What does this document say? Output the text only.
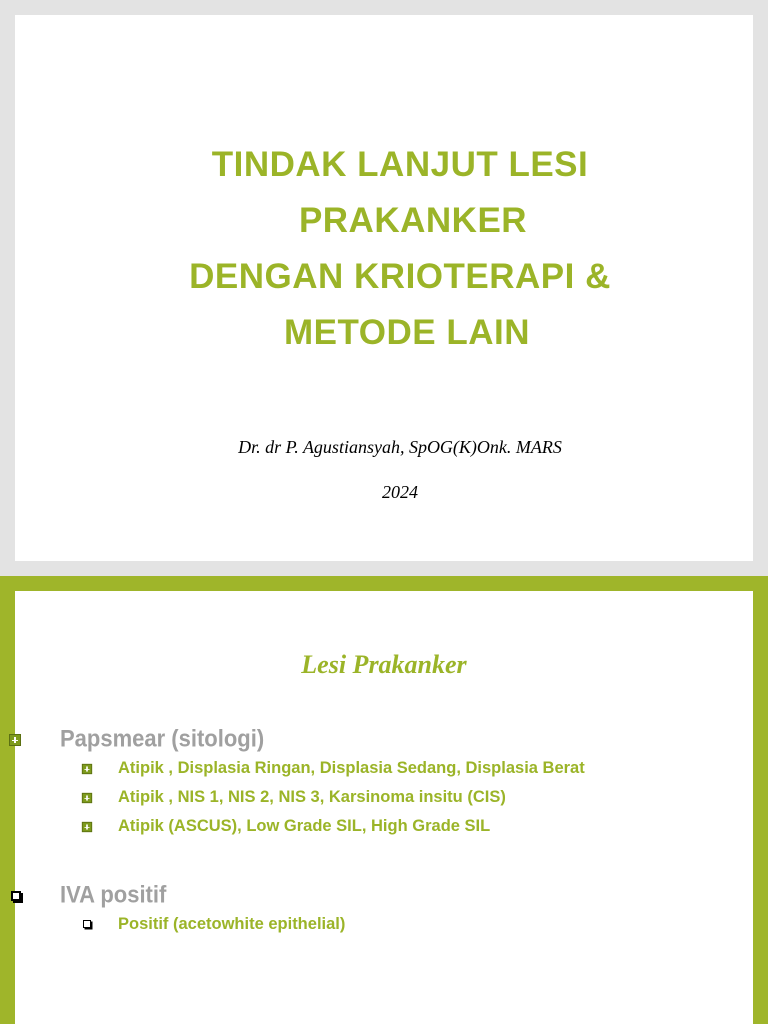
TINDAK LANJUT LESI
PRAKANKER
DENGAN KRIOTERAPI &
METODE LAIN
Dr. dr P. Agustiansyah, SpOG(K)Onk. MARS
2024
Lesi Prakanker
Papsmear (sitologi)
Atipik , Displasia Ringan, Displasia Sedang, Displasia Berat
Atipik , NIS 1, NIS 2, NIS 3, Karsinoma insitu (CIS)
Atipik (ASCUS), Low Grade SIL, High Grade SIL
IVA positif
Positif (acetowhite epithelial)
